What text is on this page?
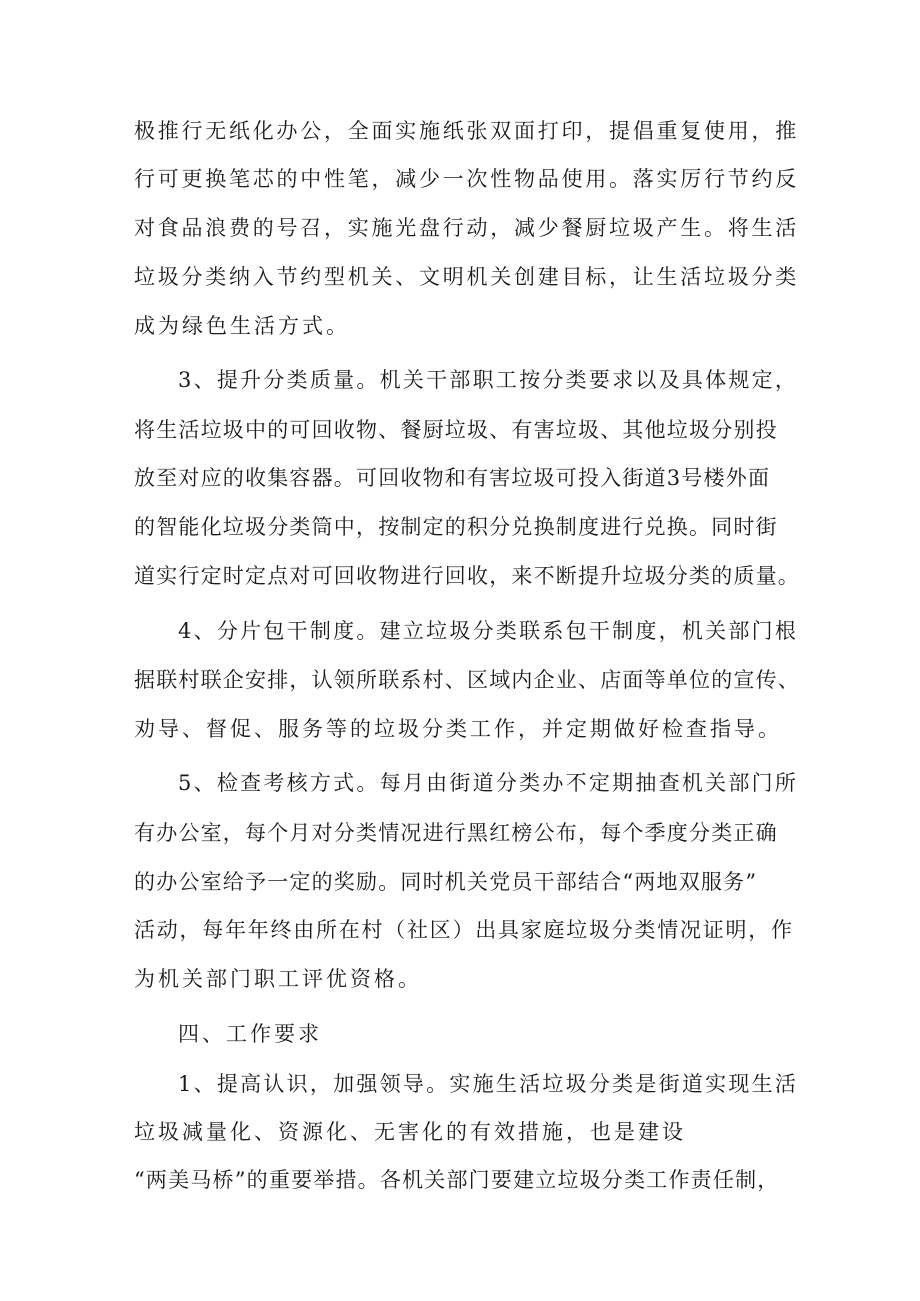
极推行无纸化办公，全面实施纸张双面打印，提倡重复使用，推
行可更换笔芯的中性笔，减少一次性物品使用。落实厉行节约反
对食品浪费的号召，实施光盘行动，减少餐厨垃圾产生。将生活
垃圾分类纳入节约型机关、文明机关创建目标，让生活垃圾分类
成为绿色生活方式。
3、提升分类质量。机关干部职工按分类要求以及具体规定，
将生活垃圾中的可回收物、餐厨垃圾、有害垃圾、其他垃圾分别投
放至对应的收集容器。可回收物和有害垃圾可投入街道3号楼外面
的智能化垃圾分类筒中，按制定的积分兑换制度进行兑换。同时街
道实行定时定点对可回收物进行回收，来不断提升垃圾分类的质量。
4、分片包干制度。建立垃圾分类联系包干制度，机关部门根
据联村联企安排，认领所联系村、区域内企业、店面等单位的宣传、
劝导、督促、服务等的垃圾分类工作，并定期做好检查指导。
5、检查考核方式。每月由街道分类办不定期抽查机关部门所
有办公室，每个月对分类情况进行黑红榜公布，每个季度分类正确
的办公室给予一定的奖励。同时机关党员干部结合“两地双服务”
活动，每年年终由所在村（社区）出具家庭垃圾分类情况证明，作
为机关部门职工评优资格。
四、工作要求
1、提高认识，加强领导。实施生活垃圾分类是街道实现生活
垃圾减量化、资源化、无害化的有效措施，也是建设
“两美马桥”的重要举措。各机关部门要建立垃圾分类工作责任制，
